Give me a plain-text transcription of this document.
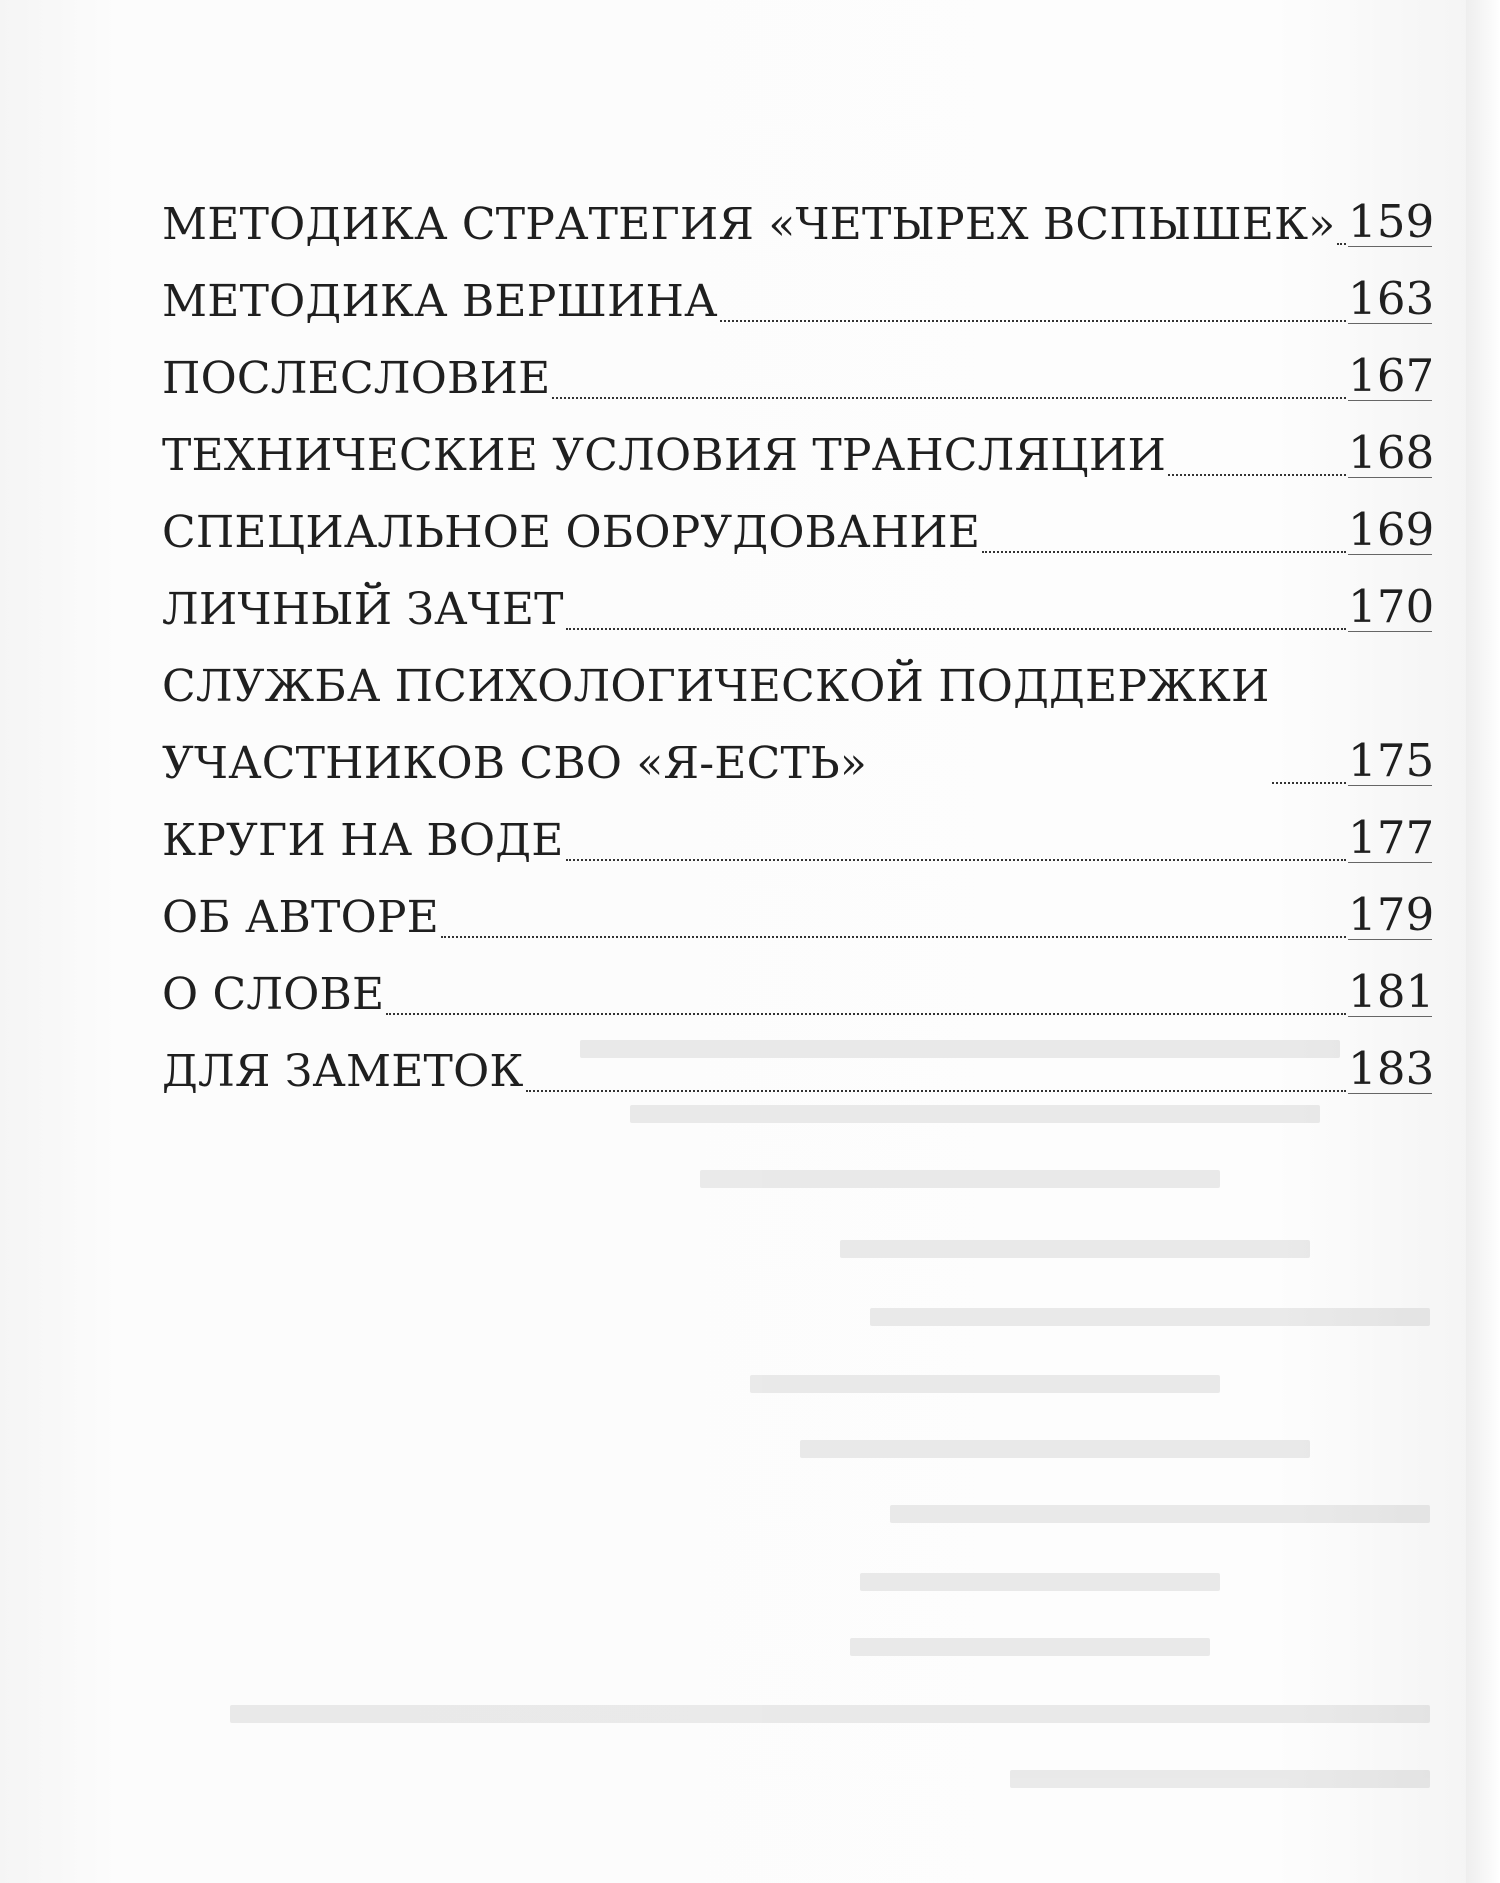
МЕТОДИКА СТРАТЕГИЯ «ЧЕТЫРЕХ ВСПЫШЕК» 159
МЕТОДИКА ВЕРШИНА	163
ПОСЛЕСЛОВИЕ	167
ТЕХНИЧЕСКИЕ УСЛОВИЯ ТРАНСЛЯЦИИ	168
СПЕЦИАЛЬНОЕ ОБОРУДОВАНИЕ	169
ЛИЧНЫЙ ЗАЧЕТ	170
СЛУЖБА ПСИХОЛОГИЧЕСКОЙ ПОДДЕРЖКИ
УЧАСТНИКОВ СВО «Я-ЕСТЬ»	175
КРУГИ НА ВОДЕ	177
ОБ АВТОРЕ	179
О СЛОВЕ	181
ДЛЯ ЗАМЕТОК	183
